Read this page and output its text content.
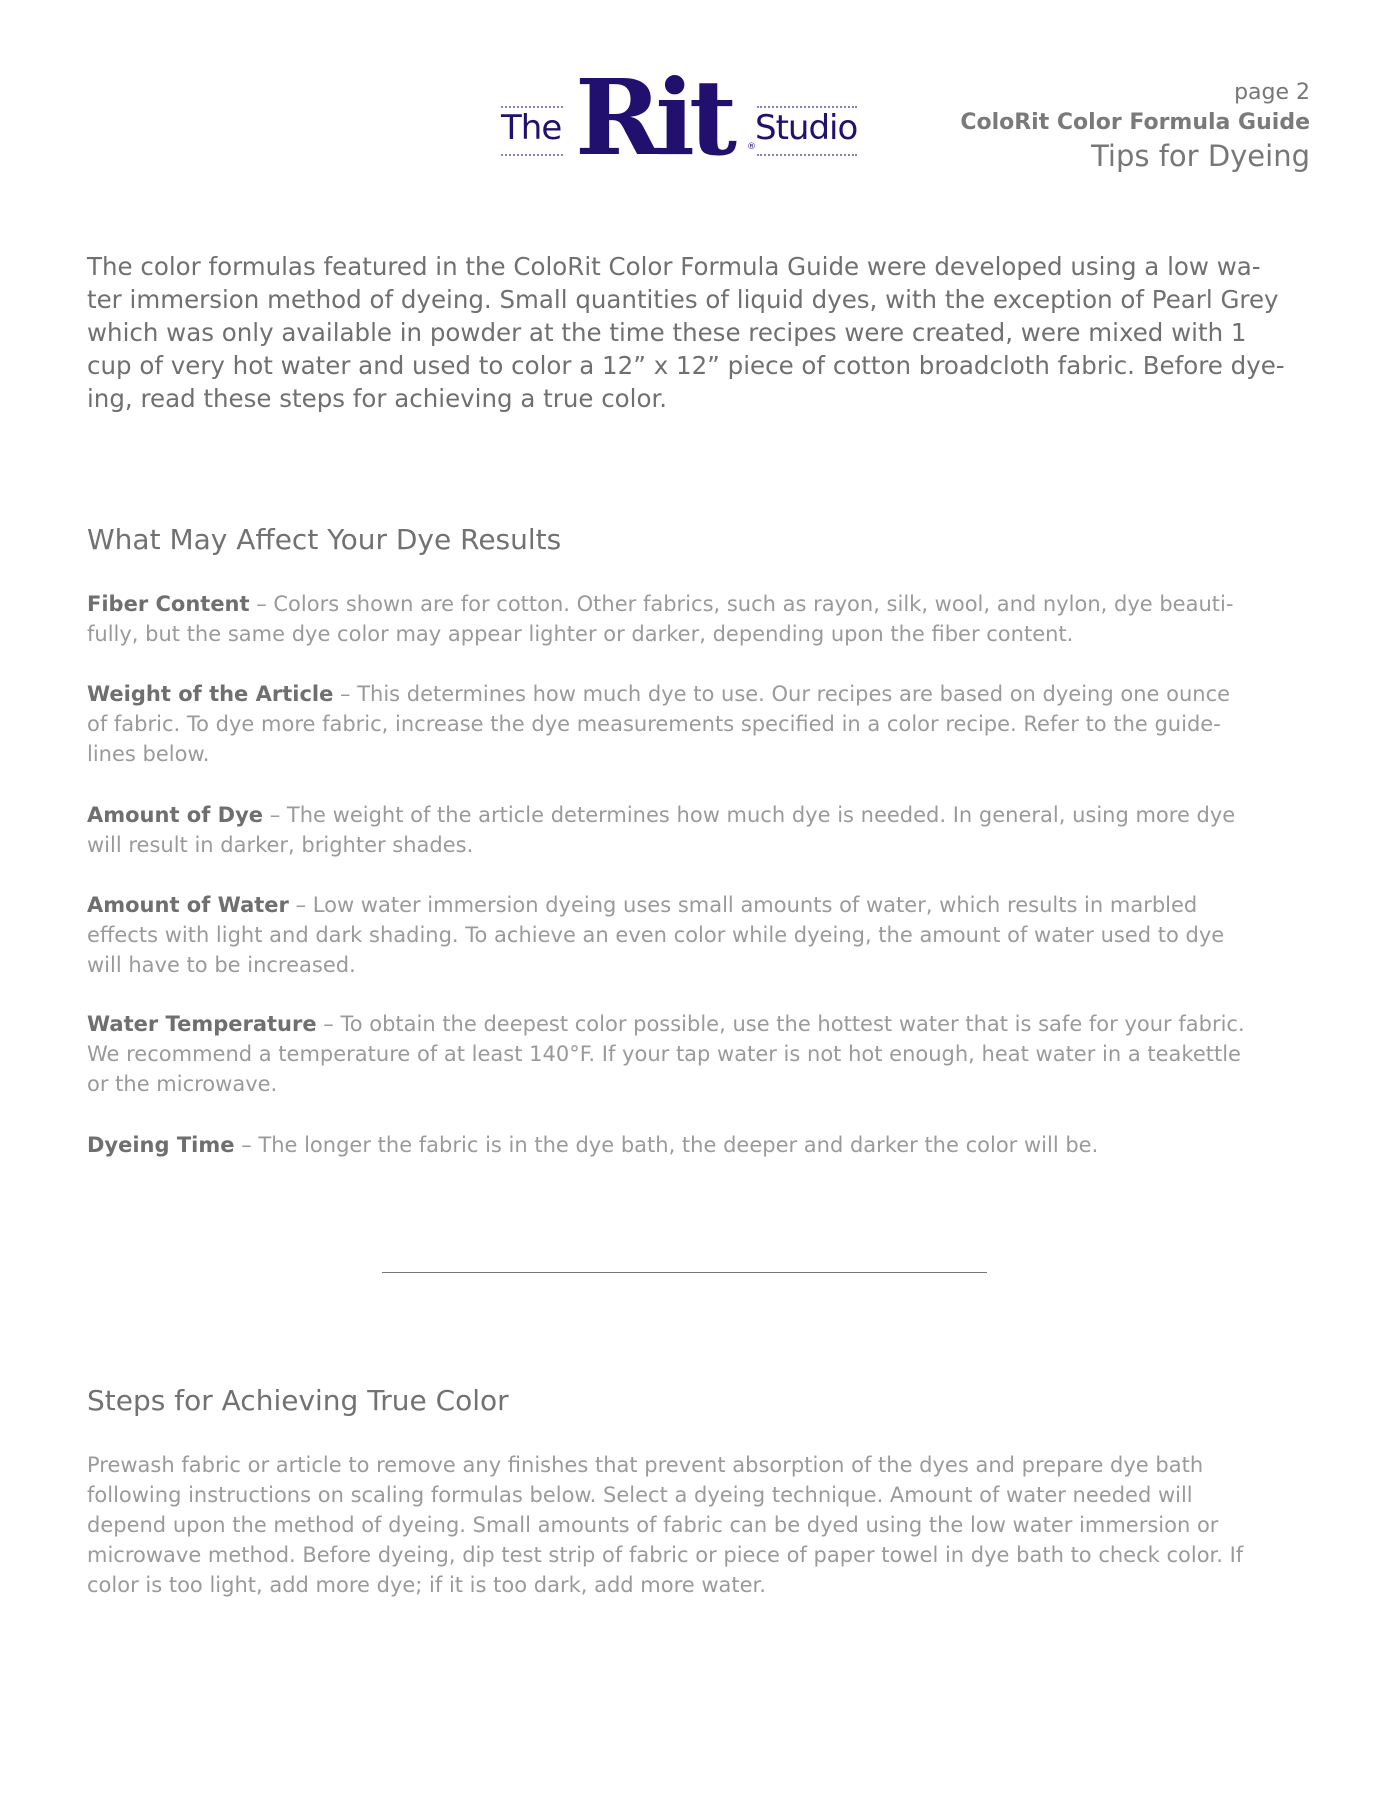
The Rit Studio
®
page 2
ColoRit Color Formula Guide
Tips for Dyeing
The color formulas featured in the ColoRit Color Formula Guide were developed using a low wa-
ter immersion method of dyeing. Small quantities of liquid dyes, with the exception of Pearl Grey
which was only available in powder at the time these recipes were created, were mixed with 1
cup of very hot water and used to color a 12” x 12” piece of cotton broadcloth fabric. Before dye-
ing, read these steps for achieving a true color.
What May Affect Your Dye Results
Fiber Content – Colors shown are for cotton. Other fabrics, such as rayon, silk, wool, and nylon, dye beauti-
fully, but the same dye color may appear lighter or darker, depending upon the fiber content.
Weight of the Article – This determines how much dye to use. Our recipes are based on dyeing one ounce
of fabric. To dye more fabric, increase the dye measurements specified in a color recipe. Refer to the guide-
lines below.
Amount of Dye – The weight of the article determines how much dye is needed. In general, using more dye
will result in darker, brighter shades.
Amount of Water – Low water immersion dyeing uses small amounts of water, which results in marbled
effects with light and dark shading. To achieve an even color while dyeing, the amount of water used to dye
will have to be increased.
Water Temperature – To obtain the deepest color possible, use the hottest water that is safe for your fabric.
We recommend a temperature of at least 140°F. If your tap water is not hot enough, heat water in a teakettle
or the microwave.
Dyeing Time – The longer the fabric is in the dye bath, the deeper and darker the color will be.
Steps for Achieving True Color
Prewash fabric or article to remove any finishes that prevent absorption of the dyes and prepare dye bath
following instructions on scaling formulas below. Select a dyeing technique. Amount of water needed will
depend upon the method of dyeing. Small amounts of fabric can be dyed using the low water immersion or
microwave method. Before dyeing, dip test strip of fabric or piece of paper towel in dye bath to check color. If
color is too light, add more dye; if it is too dark, add more water.
